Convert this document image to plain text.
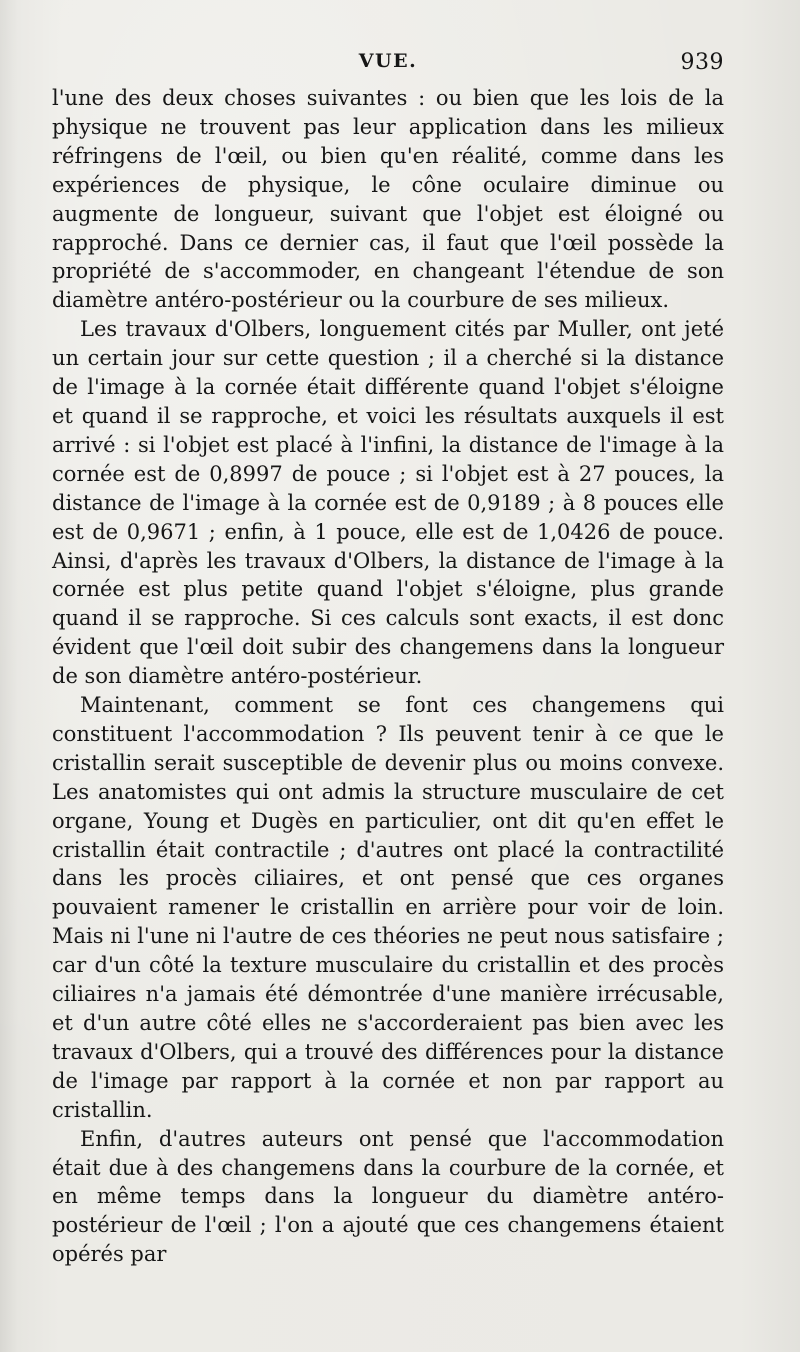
VUE.	939

l'une des deux choses suivantes : ou bien que les lois de la physique ne trouvent pas leur application dans les milieux réfringens de l'œil, ou bien qu'en réalité, comme dans les expériences de physique, le cône oculaire diminue ou augmente de longueur, suivant que l'objet est éloigné ou rapproché. Dans ce dernier cas, il faut que l'œil possède la propriété de s'accommoder, en changeant l'étendue de son diamètre antéro-postérieur ou la courbure de ses milieux.

Les travaux d'Olbers, longuement cités par Muller, ont jeté un certain jour sur cette question ; il a cherché si la distance de l'image à la cornée était différente quand l'objet s'éloigne et quand il se rapproche, et voici les résultats auxquels il est arrivé : si l'objet est placé à l'infini, la distance de l'image à la cornée est de 0,8997 de pouce ; si l'objet est à 27 pouces, la distance de l'image à la cornée est de 0,9189 ; à 8 pouces elle est de 0,9671 ; enfin, à 1 pouce, elle est de 1,0426 de pouce. Ainsi, d'après les travaux d'Olbers, la distance de l'image à la cornée est plus petite quand l'objet s'éloigne, plus grande quand il se rapproche. Si ces calculs sont exacts, il est donc évident que l'œil doit subir des changemens dans la longueur de son diamètre antéro-postérieur.

Maintenant, comment se font ces changemens qui constituent l'accommodation ? Ils peuvent tenir à ce que le cristallin serait susceptible de devenir plus ou moins convexe. Les anatomistes qui ont admis la structure musculaire de cet organe, Young et Dugès en particulier, ont dit qu'en effet le cristallin était contractile ; d'autres ont placé la contractilité dans les procès ciliaires, et ont pensé que ces organes pouvaient ramener le cristallin en arrière pour voir de loin. Mais ni l'une ni l'autre de ces théories ne peut nous satisfaire ; car d'un côté la texture musculaire du cristallin et des procès ciliaires n'a jamais été démontrée d'une manière irrécusable, et d'un autre côté elles ne s'accorderaient pas bien avec les travaux d'Olbers, qui a trouvé des différences pour la distance de l'image par rapport à la cornée et non par rapport au cristallin.

Enfin, d'autres auteurs ont pensé que l'accommodation était due à des changemens dans la courbure de la cornée, et en même temps dans la longueur du diamètre antéro-postérieur de l'œil ; l'on a ajouté que ces changemens étaient opérés par
